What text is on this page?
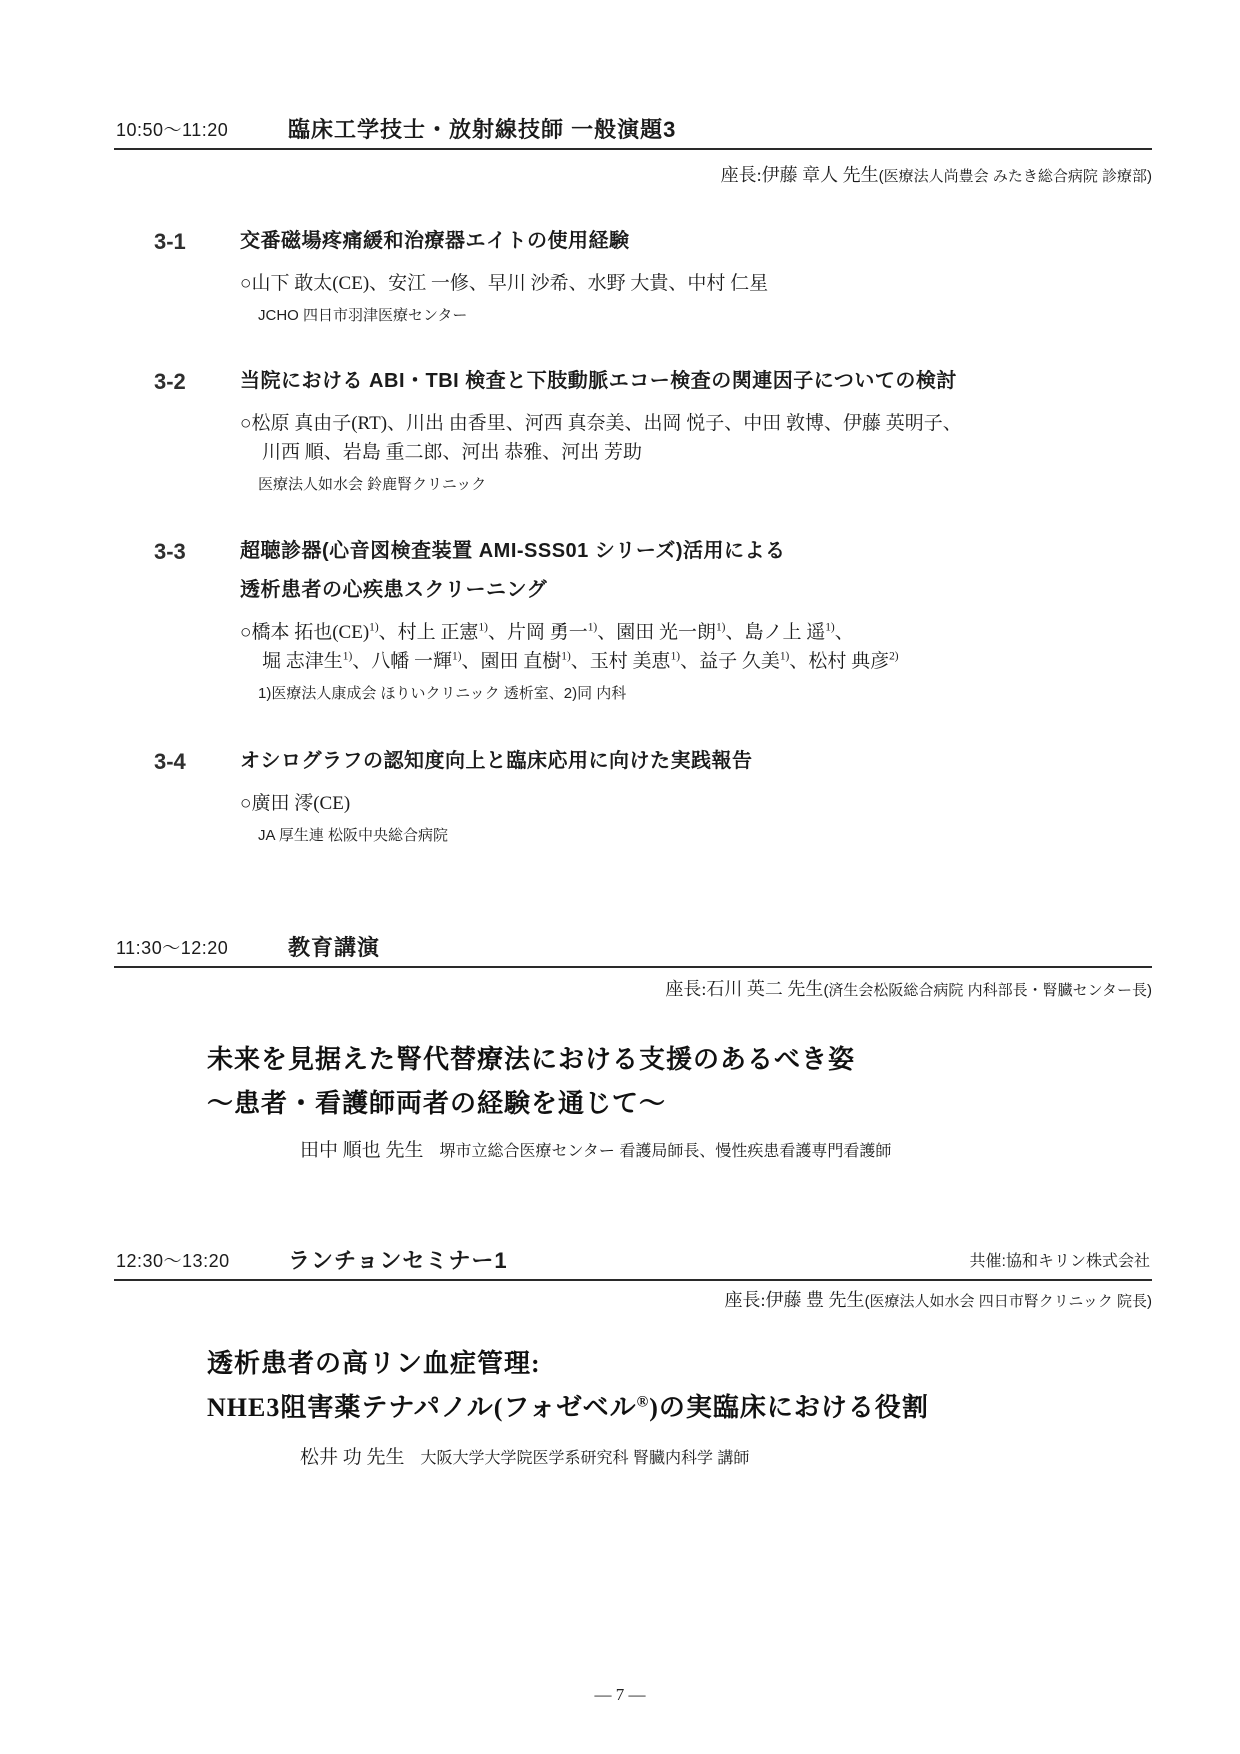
10:50〜11:20	臨床工学技士・放射線技師 一般演題3
座長:伊藤 章人 先生(医療法人尚豊会 みたき総合病院 診療部)
3-1	交番磁場疼痛緩和治療器エイトの使用経験
○山下 敢太(CE)、安江 一修、早川 沙希、水野 大貴、中村 仁星
JCHO 四日市羽津医療センター
3-2	当院における ABI・TBI 検査と下肢動脈エコー検査の関連因子についての検討
○松原 真由子(RT)、川出 由香里、河西 真奈美、出岡 悦子、中田 敦博、伊藤 英明子、
川西 順、岩島 重二郎、河出 恭雅、河出 芳助
医療法人如水会 鈴鹿腎クリニック
3-3	超聴診器(心音図検査装置 AMI-SSS01 シリーズ)活用による
透析患者の心疾患スクリーニング
○橋本 拓也(CE)$^{1)}$、村上 正憲$^{1)}$、片岡 勇一$^{1)}$、園田 光一朗$^{1)}$、島ノ上 遥$^{1)}$、
堀 志津生$^{1)}$、八幡 一輝$^{1)}$、園田 直樹$^{1)}$、玉村 美恵$^{1)}$、益子 久美$^{1)}$、松村 典彦$^{2)}$
1)医療法人康成会 ほりいクリニック 透析室、2)同 内科
3-4	オシログラフの認知度向上と臨床応用に向けた実践報告
○廣田 澪(CE)
JA 厚生連 松阪中央総合病院
11:30〜12:20	教育講演
座長:石川 英二 先生(済生会松阪総合病院 内科部長・腎臓センター長)
未来を見据えた腎代替療法における支援のあるべき姿
〜患者・看護師両者の経験を通じて〜
田中 順也 先生 堺市立総合医療センター 看護局師長、慢性疾患看護専門看護師
12:30〜13:20	ランチョンセミナー1	共催:協和キリン株式会社
座長:伊藤 豊 先生(医療法人如水会 四日市腎クリニック 院長)
透析患者の高リン血症管理:
NHE3阻害薬テナパノル(フォゼベル®)の実臨床における役割
松井 功 先生 大阪大学大学院医学系研究科 腎臓内科学 講師
— 7 —
